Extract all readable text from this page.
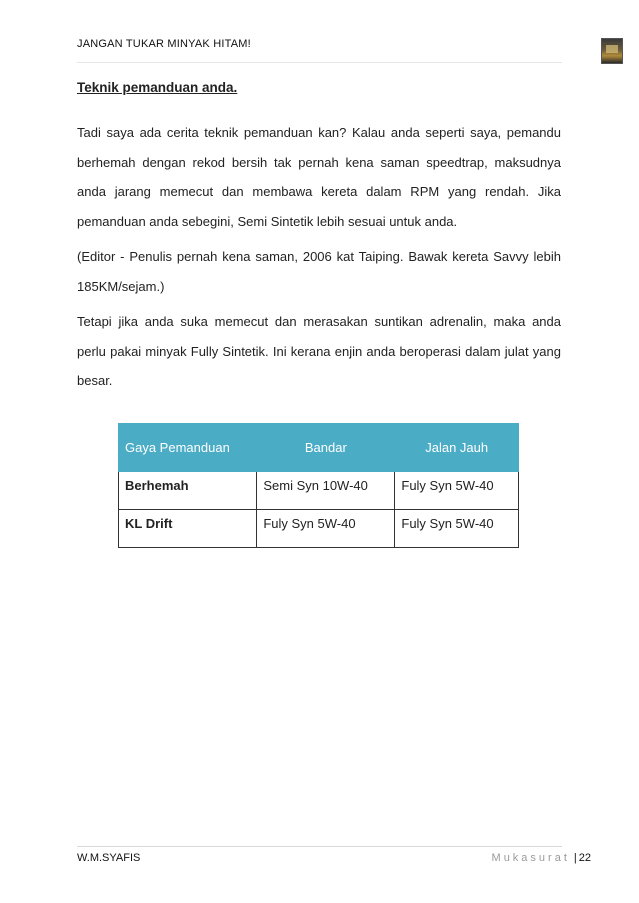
JANGAN TUKAR MINYAK HITAM!

Teknik pemanduan anda.

Tadi saya ada cerita teknik pemanduan kan? Kalau anda seperti saya, pemandu berhemah dengan rekod bersih tak pernah kena saman speedtrap, maksudnya anda jarang memecut dan membawa kereta dalam RPM yang rendah. Jika pemanduan anda sebegini, Semi Sintetik lebih sesuai untuk anda.

(Editor - Penulis pernah kena saman, 2006 kat Taiping. Bawak kereta Savvy lebih 185KM/sejam.)

Tetapi jika anda suka memecut dan merasakan suntikan adrenalin, maka anda perlu pakai minyak Fully Sintetik. Ini kerana enjin anda beroperasi dalam julat yang besar.

Gaya Pemanduan	Bandar	Jalan Jauh
Berhemah	Semi Syn 10W-40	Fuly Syn 5W-40
KL Drift	Fuly Syn 5W-40	Fuly Syn 5W-40
W.M.SYAFIS	Mukasurat | 22
